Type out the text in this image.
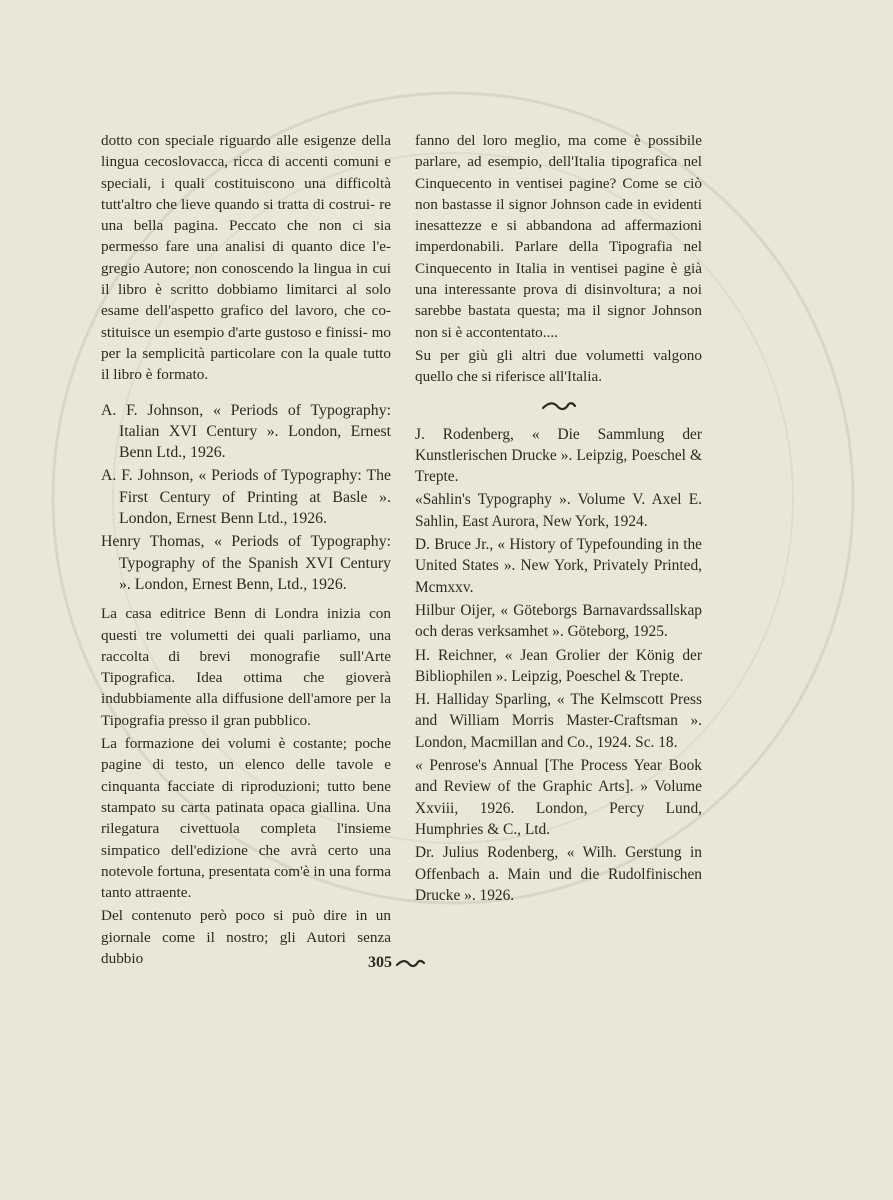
dotto con speciale riguardo alle esigenze della lingua cecoslovacca, ricca di accenti comuni e speciali, i quali costituiscono una difficoltà tutt'altro che lieve quando si tratta di costrui- re una bella pagina. Peccato che non ci sia permesso fare una analisi di quanto dice l'e- gregio Autore; non conoscendo la lingua in cui il libro è scritto dobbiamo limitarci al solo esame dell'aspetto grafico del lavoro, che co- stituisce un esempio d'arte gustoso e finissi- mo per la semplicità particolare con la quale tutto il libro è formato.

A. F. Johnson, « Periods of Typography: Italian XVI Century ». London, Ernest Benn Ltd., 1926.

A. F. Johnson, « Periods of Typography: The First Century of Printing at Basle ». London, Ernest Benn Ltd., 1926.

Henry Thomas, « Periods of Typography: Typography of the Spanish XVI Century ». London, Ernest Benn, Ltd., 1926.

La casa editrice Benn di Londra inizia con questi tre volumetti dei quali parliamo, una raccolta di brevi monografie sull'Arte Tipografica. Idea ottima che gioverà indubbiamente alla diffusione dell'amore per la Tipografia presso il gran pubblico.

La formazione dei volumi è costante; poche pagine di testo, un elenco delle tavole e cinquanta facciate di riproduzioni; tutto bene stampato su carta patinata opaca giallina. Una rilegatura civettuola completa l'insieme simpatico dell'edizione che avrà certo una notevole fortuna, presentata com'è in una forma tanto attraente.

Del contenuto però poco si può dire in un giornale come il nostro; gli Autori senza dubbio

fanno del loro meglio, ma come è possibile parlare, ad esempio, dell'Italia tipografica nel Cinquecento in ventisei pagine? Come se ciò non bastasse il signor Johnson cade in evidenti inesattezze e si abbandona ad affermazioni imperdonabili. Parlare della Tipografia nel Cinquecento in Italia in ventisei pagine è già una interessante prova di disinvoltura; a noi sarebbe bastata questa; ma il signor Johnson non si è accontentato....

Su per giù gli altri due volumetti valgono quello che si riferisce all'Italia.

J. Rodenberg, « Die Sammlung der Kunstlerischen Drucke ». Leipzig, Poeschel & Trepte.

«Sahlin's Typography ». Volume V. Axel E. Sahlin, East Aurora, New York, 1924.

D. Bruce Jr., « History of Typefounding in the United States ». New York, Privately Printed, Mcmxxv.

Hilbur Oijer, « Göteborgs Barnavardssallskap och deras verksamhet ». Göteborg, 1925.

H. Reichner, « Jean Grolier der König der Bibliophilen ». Leipzig, Poeschel & Trepte.

H. Halliday Sparling, « The Kelmscott Press and William Morris Master-Craftsman ». London, Macmillan and Co., 1924. Sc. 18.

« Penrose's Annual [The Process Year Book and Review of the Graphic Arts]. » Volume Xxviii, 1926. London, Percy Lund, Humphries & C., Ltd.

Dr. Julius Rodenberg, « Wilh. Gerstung in Offenbach a. Main und die Rudolfinischen Drucke ». 1926.

305
